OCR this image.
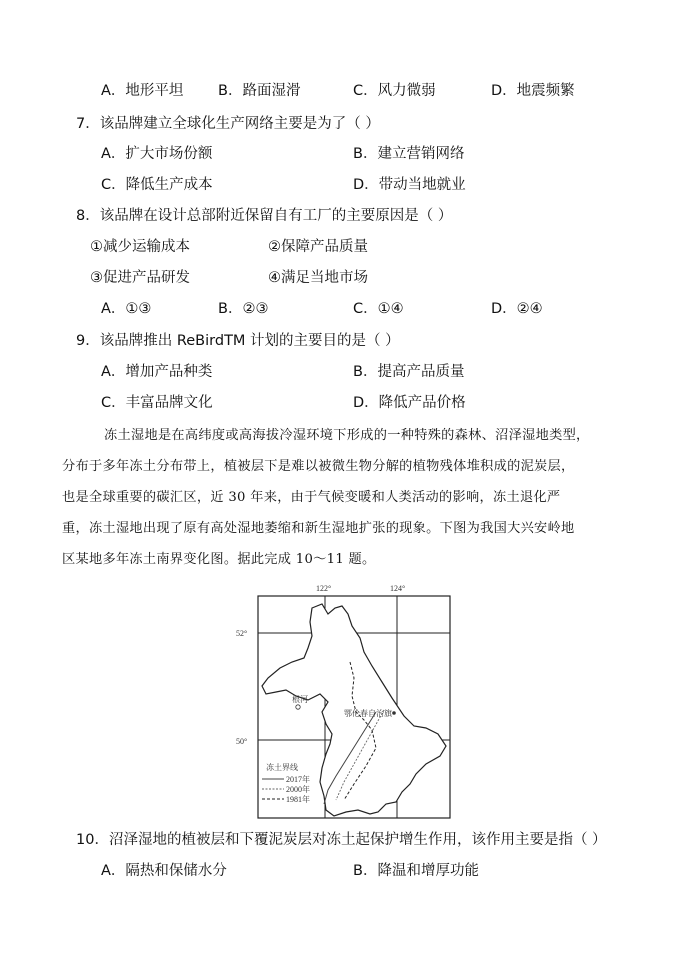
A．地形平坦 B．路面湿滑	C．风力微弱	D．地震频繁
7．该品牌建立全球化生产网络主要是为了（ ）
A．扩大市场份额	B．建立营销网络
C．降低生产成本	D．带动当地就业
8．该品牌在设计总部附近保留自有工厂的主要原因是（ ）
①减少运输成本	②保障产品质量
③促进产品研发	④满足当地市场
A．①③	B．②③	C．①④	D．②④
9．该品牌推出 ReBirdTM 计划的主要目的是（ ）
A．增加产品种类	B．提高产品质量
C．丰富品牌文化	D．降低产品价格

冻土湿地是在高纬度或高海拔冷湿环境下形成的一种特殊的森林、沼泽湿地类型，

分布于多年冻土分布带上，植被层下是难以被微生物分解的植物残体堆积成的泥炭层，

也是全球重要的碳汇区，近 30 年来，由于气候变暖和人类活动的影响，冻土退化严

重，冻土湿地出现了原有高处湿地萎缩和新生湿地扩张的现象。下图为我国大兴安岭地

区某地多年冻土南界变化图。据此完成 10～11 题。

122°	124°
52°
50°
根河
鄂伦春自治旗
冻土界线
2017年
2000年
1981年
10．沼泽湿地的植被层和下覆泥炭层对冻土起保护增生作用，该作用主要是指（ ）
A．隔热和保储水分	B．降温和增厚功能
